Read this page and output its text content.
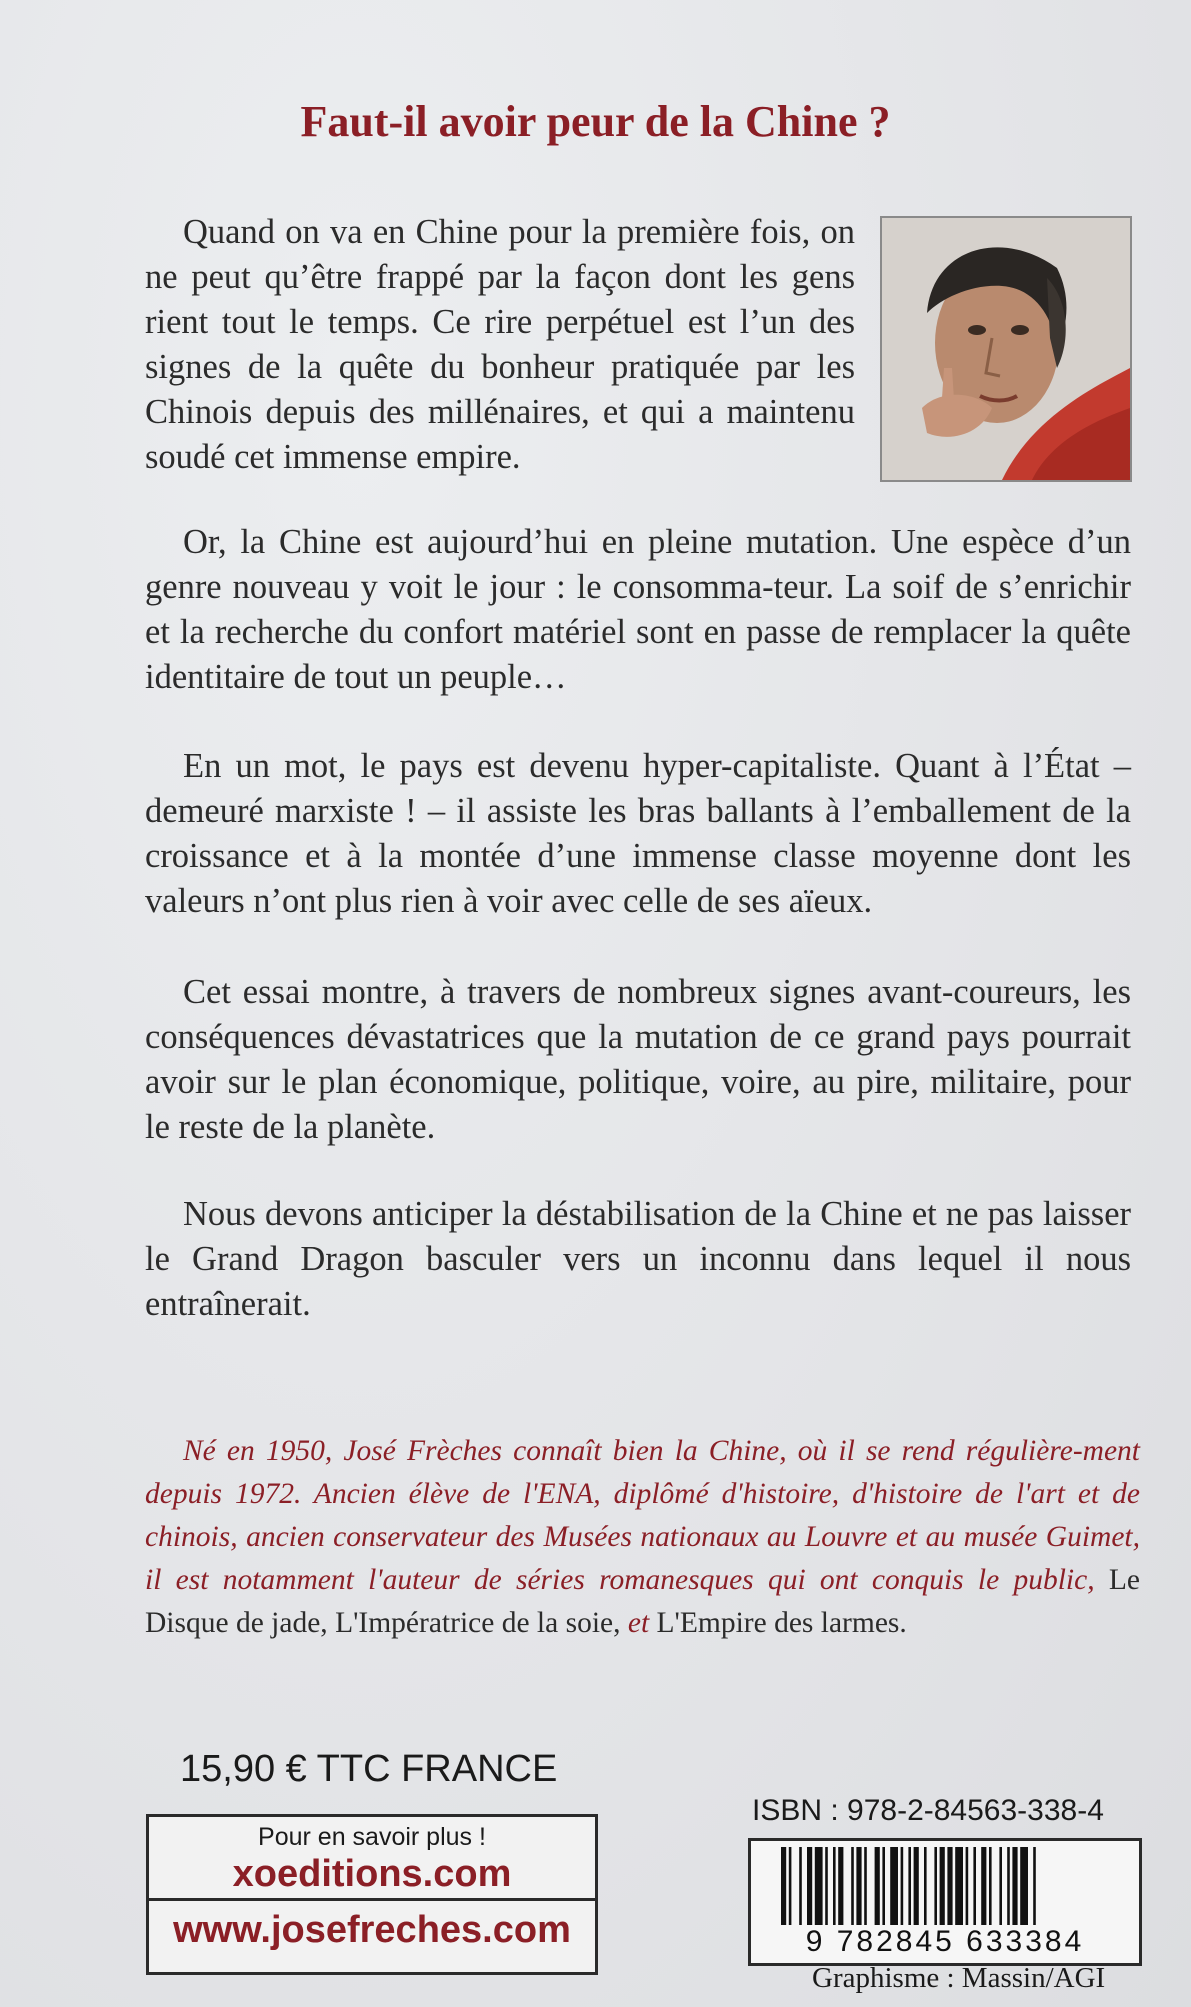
Faut-il avoir peur de la Chine ?

Quand on va en Chine pour la première fois, on ne peut qu’être frappé par la façon dont les gens rient tout le temps. Ce rire perpétuel est l’un des signes de la quête du bonheur pratiquée par les Chinois depuis des millénaires, et qui a maintenu soudé cet immense empire.

Or, la Chine est aujourd’hui en pleine mutation. Une espèce d’un genre nouveau y voit le jour : le consomma-teur. La soif de s’enrichir et la recherche du confort matériel sont en passe de remplacer la quête identitaire de tout un peuple…

En un mot, le pays est devenu hyper-capitaliste. Quant à l’État – demeuré marxiste ! – il assiste les bras ballants à l’emballement de la croissance et à la montée d’une immense classe moyenne dont les valeurs n’ont plus rien à voir avec celle de ses aïeux.

Cet essai montre, à travers de nombreux signes avant-coureurs, les conséquences dévastatrices que la mutation de ce grand pays pourrait avoir sur le plan économique, politique, voire, au pire, militaire, pour le reste de la planète.

Nous devons anticiper la déstabilisation de la Chine et ne pas laisser le Grand Dragon basculer vers un inconnu dans lequel il nous entraînerait.

Né en 1950, José Frèches connaît bien la Chine, où il se rend régulière-ment depuis 1972. Ancien élève de l'ENA, diplômé d'histoire, d'histoire de l'art et de chinois, ancien conservateur des Musées nationaux au Louvre et au musée Guimet, il est notamment l'auteur de séries romanesques qui ont conquis le public, Le Disque de jade, L'Impératrice de la soie, et L'Empire des larmes.

15,90 € TTC FRANCE
Pour en savoir plus !
xoeditions.com
www.josefreches.com
ISBN : 978-2-84563-338-4
9 782845 633384
Graphisme : Massin/AGI
